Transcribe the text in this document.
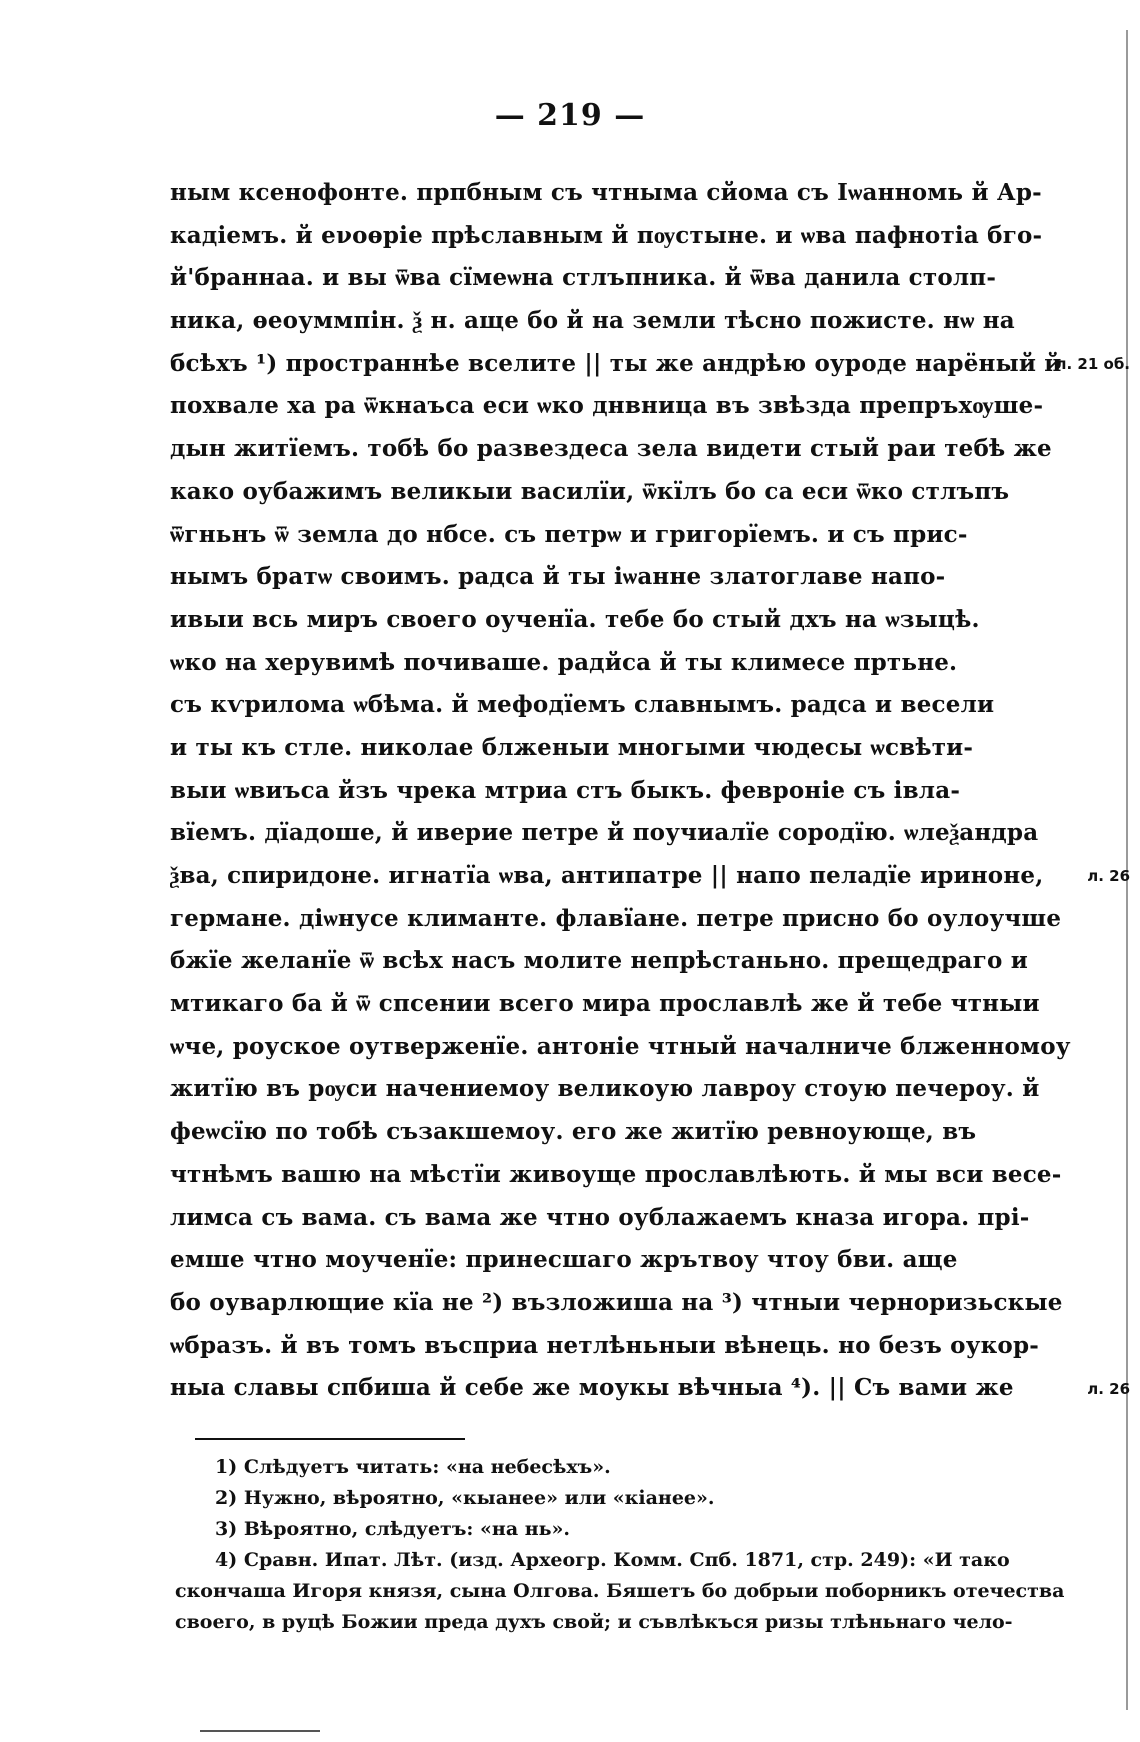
— 219 —
ным ксенофонте. прпбным съ чтныма сйома съ Іѡанномь й Ар-
кадіемъ. й еνоѳріе прѣславным й пѹстыне. и ѡва пафнотіа бго-
й'браннаа. и вы ѿва сїмеѡна стлъпника. й ѿва данила столп-
ника, ѳеоуммпін. ѯ н. аще бо й на земли тѣсно пожисте. нѡ на
бсѣхъ ¹) пространнѣе вселите || ты же андрѣю оуроде нарёный й
похвале ха ра ѿкнаъса еси ѡко днвница въ звѣзда препръхѹше-
дын житїемъ. тобѣ бо развездеса зела видети стый раи тебѣ же
како оубажимъ великыи василїи, ѿкїлъ бо са еси ѿко стлъпъ
ѿгньнъ ѿ земла до нбсе. съ петрѡ и григорїемъ. и съ прис-
нымъ братѡ своимъ. радса й ты іѡанне златоглаве напо-
ивыи всь миръ своего оученїа. тебе бо стый дхъ на ѡзыцѣ.
ѡко на херувимѣ почиваше. радйса й ты климесе пртьне.
съ кѵрилома ѡбѣма. й мефодїемъ славнымъ. радса и весели
и ты къ стле. николае блженыи многыми чюдесы ѡсвѣти-
выи ѡвиъса йзъ чрека мтриа стъ быкъ. февроніе съ івла-
вїемъ. дїадоше, й иверие петре й поучиалїе сородїю. ѡлеѯандра
ѯва, спиридоне. игнатїа ѡва, антипатре || напо пеладїе ириноне,
германе. діѡнусе климанте. флавїане. петре присно бо оулоучше
бжїе желанїе ѿ всѣх насъ молите непрѣстаньно. прещедраго и
мтикаго ба й ѿ спсении всего мира прославлѣ же й тебе чтныи
ѡче, роуское оутверженїе. антоніе чтный началниче блженномоу
житїю въ рѹси начениемоу великоую лавроу стоую печероу. й
феѡсїю по тобѣ съзакшемоу. его же житїю ревноующе, въ
чтнѣмъ вашю на мѣстїи живоуще прославлѣють. й мы вси весе-
лимса съ вама. съ вама же чтно оублажаемъ кназа игора. прі-
емше чтно моученїе: принесшаго жрътвоу чтоу бви. аще
бо оуварлющие кїа не ²) възложиша на ³) чтныи черноризьскые
ѡбразъ. й въ томъ въсприа нетлѣньныи вѣнець. но безъ оукор-
ныа славы спбиша й себе же моукы вѣчныа ⁴). || Съ вами же
л. 21 об.
л. 26
л. 26
1) Слѣдуетъ читать: «на небесѣхъ».
2) Нужно, вѣроятно, «кыанее» или «кіанее».
3) Вѣроятно, слѣдуетъ: «на нь».
4) Сравн. Ипат. Лѣт. (изд. Археогр. Комм. Спб. 1871, стр. 249): «И тако
скончаша Игоря князя, сына Олгова. Бяшетъ бо добрыи поборникъ отечества
своего, в руцѣ Божии преда духъ свой; и съвлѣкъся ризы тлѣньнаго чело-
